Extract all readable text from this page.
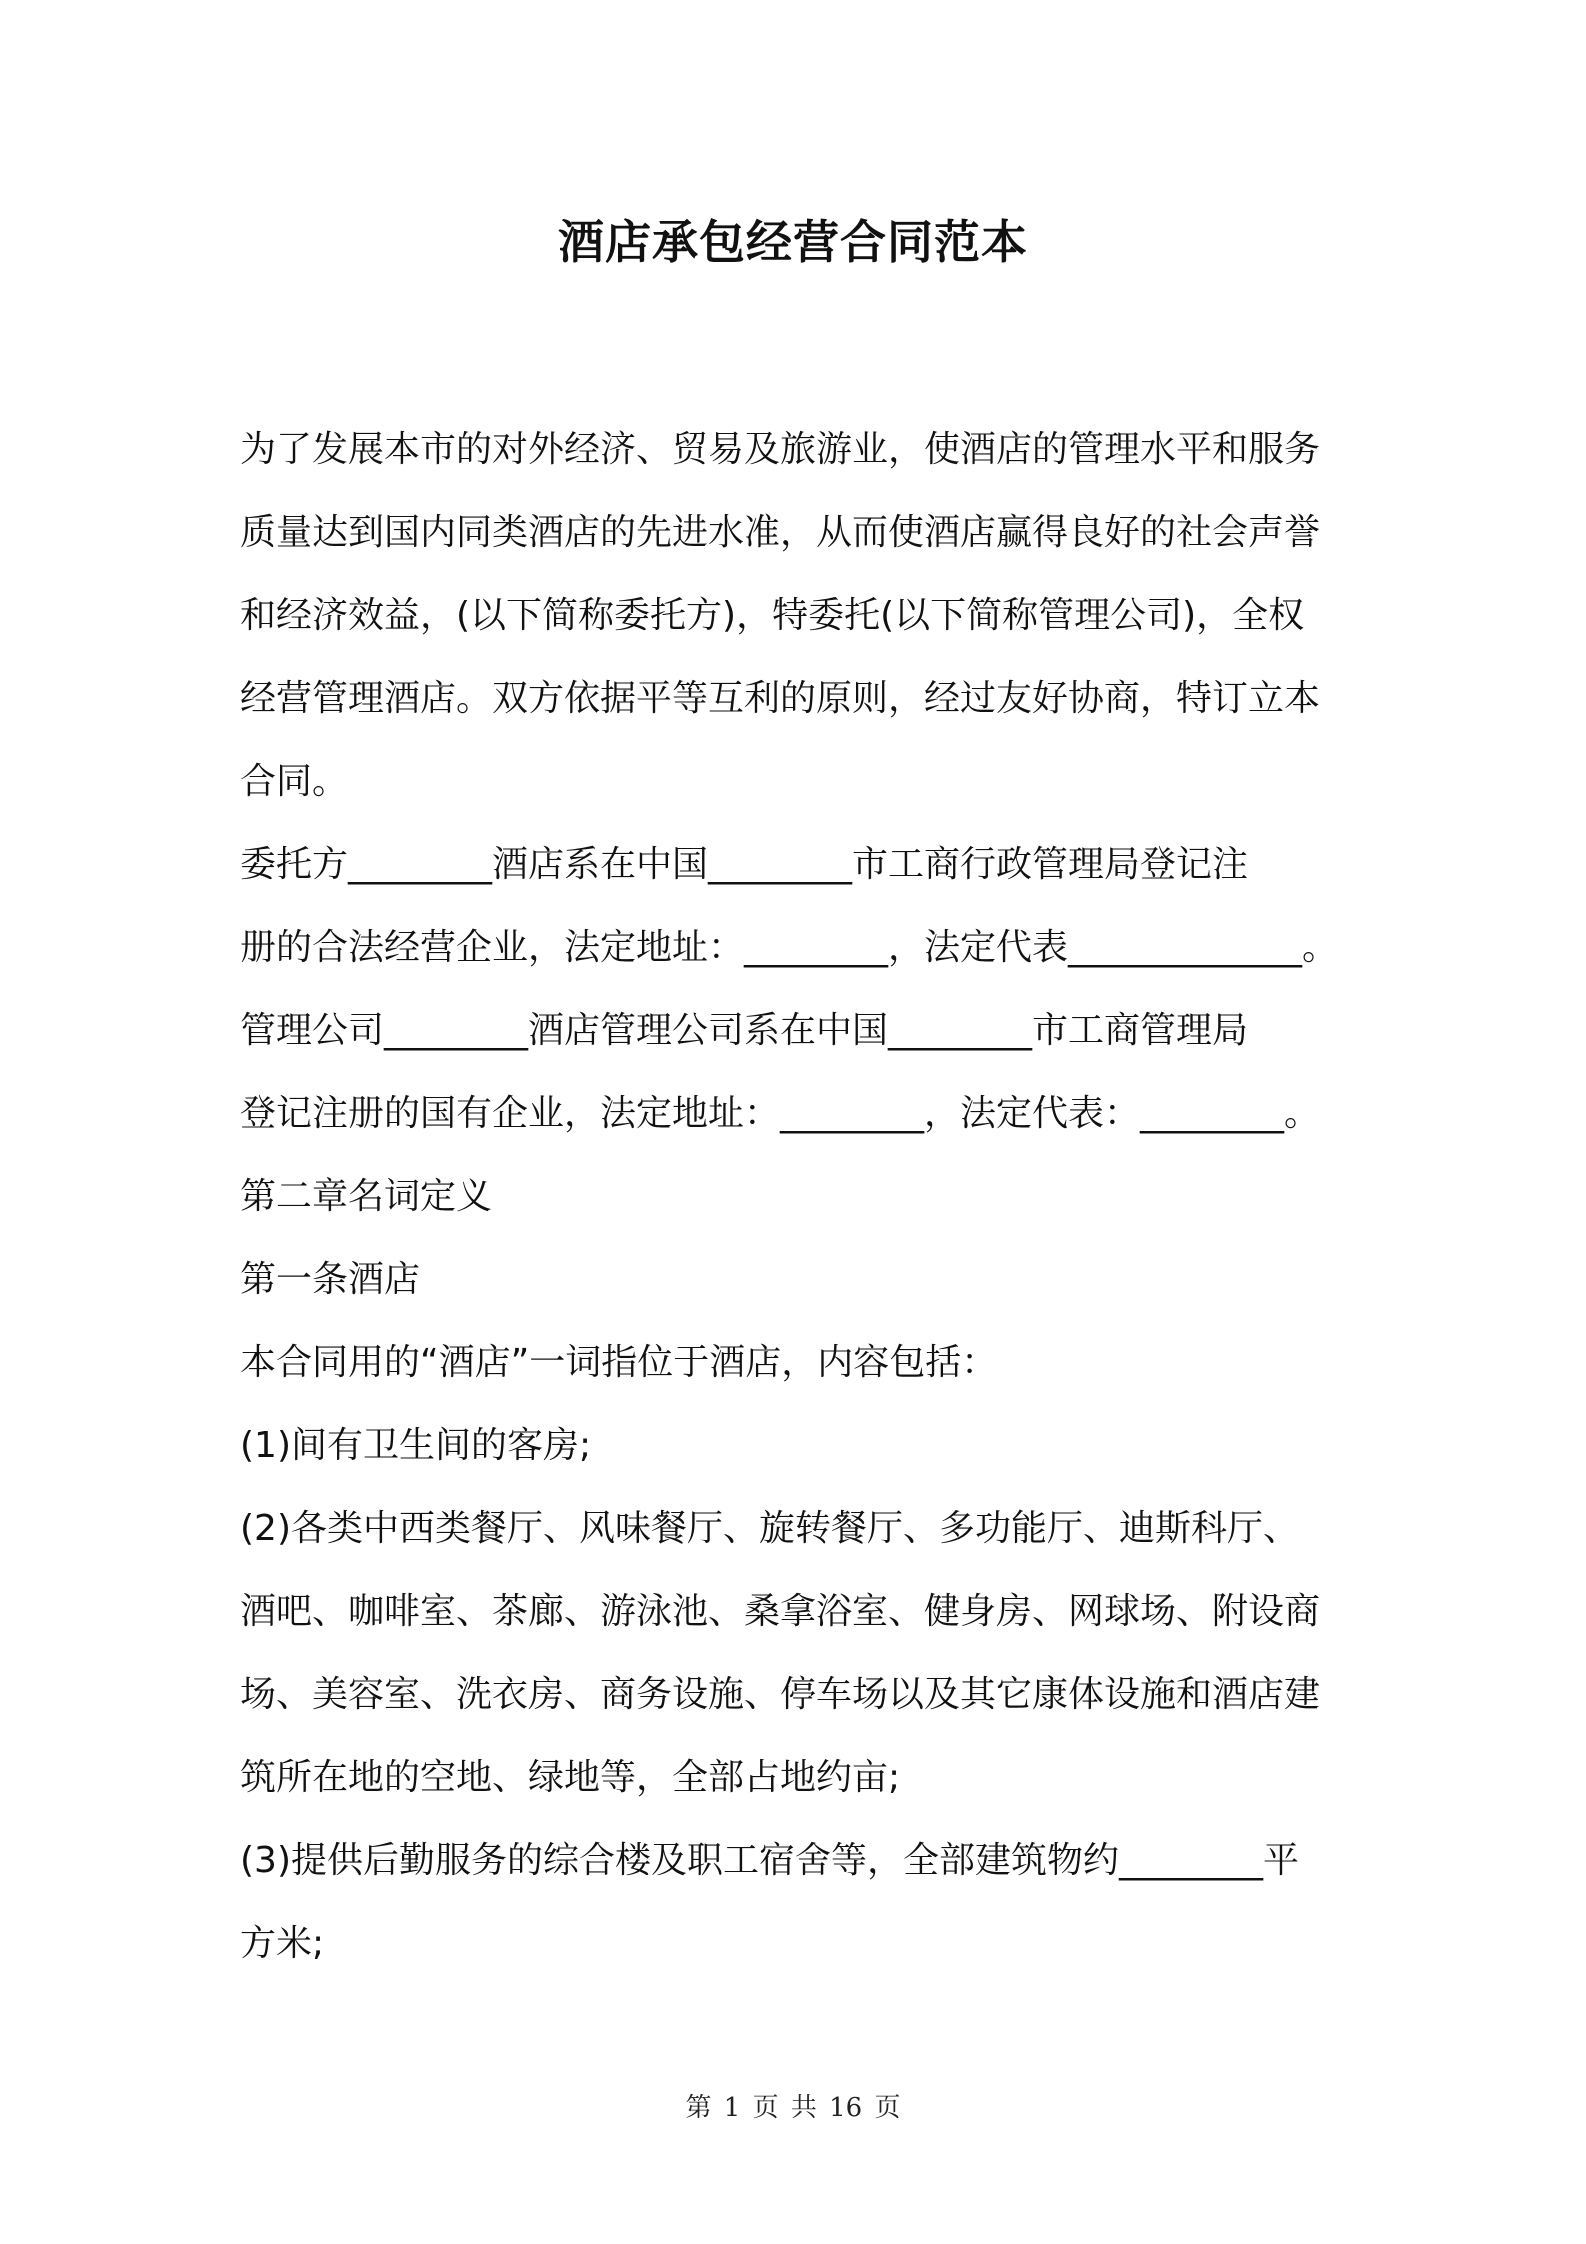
酒店承包经营合同范本
为了发展本市的对外经济、贸易及旅游业，使酒店的管理水平和服务
质量达到国内同类酒店的先进水准，从而使酒店赢得良好的社会声誉
和经济效益，(以下简称委托方)，特委托(以下简称管理公司)，全权
经营管理酒店。双方依据平等互利的原则，经过友好协商，特订立本
合同。
委托方________酒店系在中国________市工商行政管理局登记注
册的合法经营企业，法定地址：________，法定代表_____________。
管理公司________酒店管理公司系在中国________市工商管理局
登记注册的国有企业，法定地址：________，法定代表：________。
第二章名词定义
第一条酒店
本合同用的“酒店”一词指位于酒店，内容包括：
(1)间有卫生间的客房;
(2)各类中西类餐厅、风味餐厅、旋转餐厅、多功能厅、迪斯科厅、
酒吧、咖啡室、茶廊、游泳池、桑拿浴室、健身房、网球场、附设商
场、美容室、洗衣房、商务设施、停车场以及其它康体设施和酒店建
筑所在地的空地、绿地等，全部占地约亩;
(3)提供后勤服务的综合楼及职工宿舍等，全部建筑物约________平
方米;
第 1 页 共 16 页
